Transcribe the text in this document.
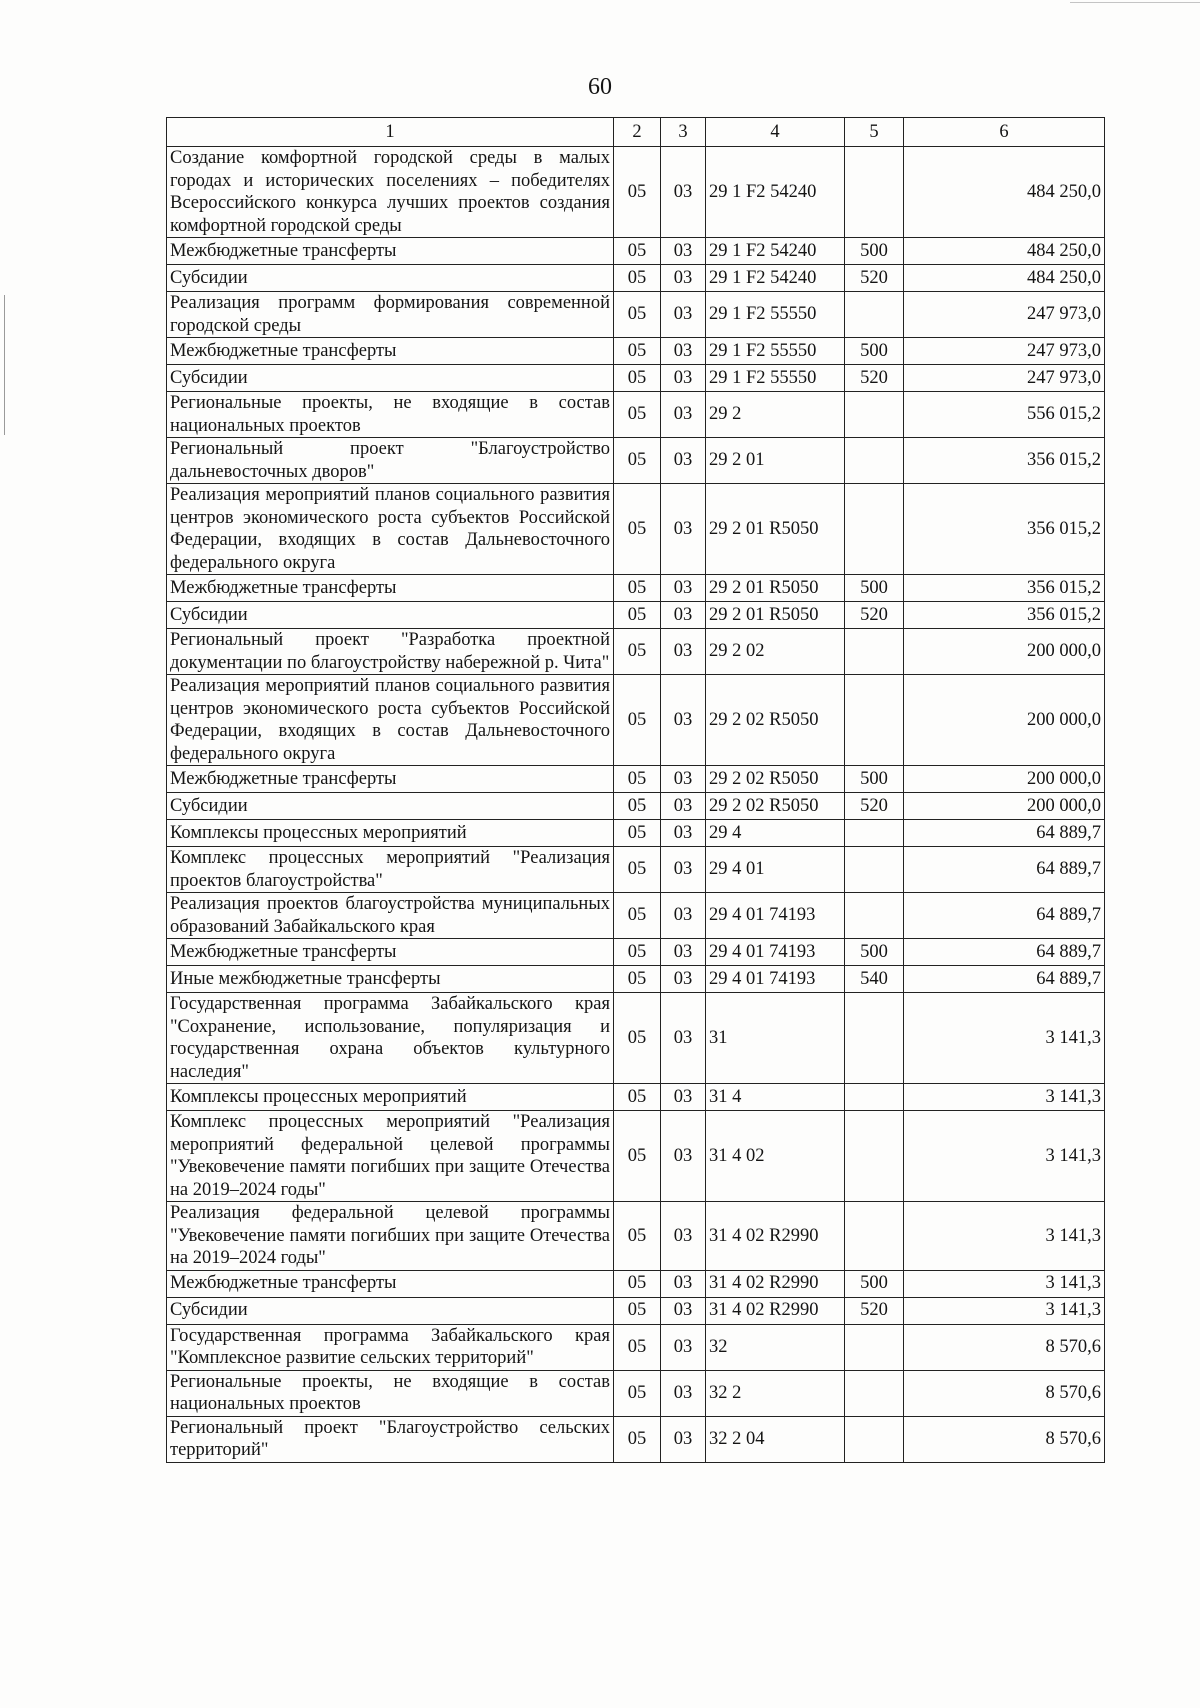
60
1	2	3	4	5	6
Создание комфортной городской среды в малых городах и исторических поселениях – победителях Всероссийского конкурса лучших проектов создания комфортной городской среды	05	03	29 1 F2 54240		484 250,0
Межбюджетные трансферты	05	03	29 1 F2 54240	500	484 250,0
Субсидии	05	03	29 1 F2 54240	520	484 250,0
Реализация программ формирования современной городской среды	05	03	29 1 F2 55550		247 973,0
Межбюджетные трансферты	05	03	29 1 F2 55550	500	247 973,0
Субсидии	05	03	29 1 F2 55550	520	247 973,0
Региональные проекты, не входящие в состав национальных проектов	05	03	29 2		556 015,2
Региональный проект "Благоустройство дальневосточных дворов"	05	03	29 2 01		356 015,2
Реализация мероприятий планов социального развития центров экономического роста субъектов Российской Федерации, входящих в состав Дальневосточного федерального округа	05	03	29 2 01 R5050		356 015,2
Межбюджетные трансферты	05	03	29 2 01 R5050	500	356 015,2
Субсидии	05	03	29 2 01 R5050	520	356 015,2
Региональный проект "Разработка проектной документации по благоустройству набережной р. Чита"	05	03	29 2 02		200 000,0
Реализация мероприятий планов социального развития центров экономического роста субъектов Российской Федерации, входящих в состав Дальневосточного федерального округа	05	03	29 2 02 R5050		200 000,0
Межбюджетные трансферты	05	03	29 2 02 R5050	500	200 000,0
Субсидии	05	03	29 2 02 R5050	520	200 000,0
Комплексы процессных мероприятий	05	03	29 4		64 889,7
Комплекс процессных мероприятий "Реализация проектов благоустройства"	05	03	29 4 01		64 889,7
Реализация проектов благоустройства муниципальных образований Забайкальского края	05	03	29 4 01 74193		64 889,7
Межбюджетные трансферты	05	03	29 4 01 74193	500	64 889,7
Иные межбюджетные трансферты	05	03	29 4 01 74193	540	64 889,7
Государственная программа Забайкальского края "Сохранение, использование, популяризация и государственная охрана объектов культурного наследия"	05	03	31		3 141,3
Комплексы процессных мероприятий	05	03	31 4		3 141,3
Комплекс процессных мероприятий "Реализация мероприятий федеральной целевой программы "Увековечение памяти погибших при защите Отечества на 2019–2024 годы"	05	03	31 4 02		3 141,3
Реализация федеральной целевой программы "Увековечение памяти погибших при защите Отечества на 2019–2024 годы"	05	03	31 4 02 R2990		3 141,3
Межбюджетные трансферты	05	03	31 4 02 R2990	500	3 141,3
Субсидии	05	03	31 4 02 R2990	520	3 141,3
Государственная программа Забайкальского края "Комплексное развитие сельских территорий"	05	03	32		8 570,6
Региональные проекты, не входящие в состав национальных проектов	05	03	32 2		8 570,6
Региональный проект "Благоустройство сельских территорий"	05	03	32 2 04		8 570,6
